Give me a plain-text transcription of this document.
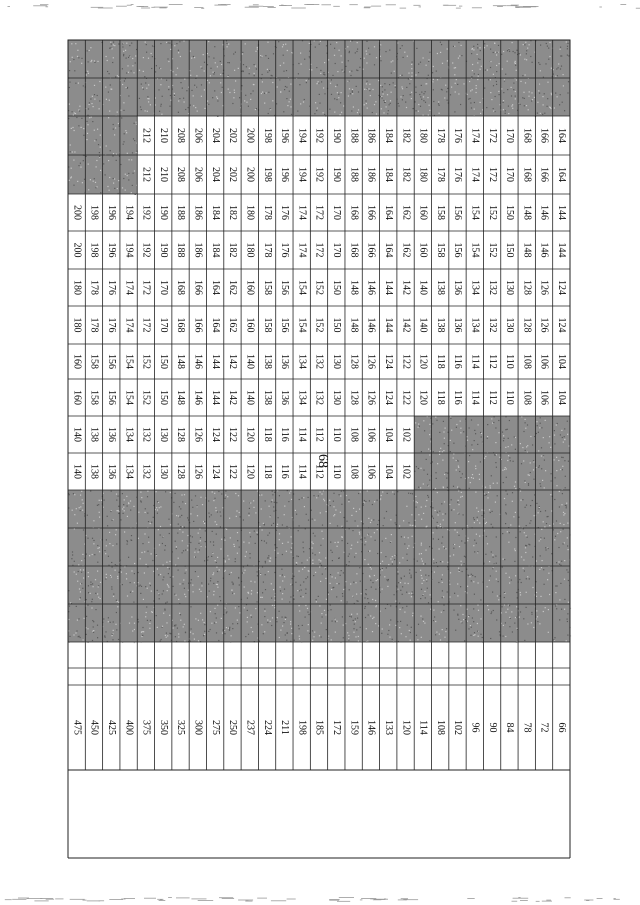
68
475 450 425 400 375 350 325 300 275 250 237 224 211 198 185 172 159 146 133 120 114 108 102 96 90 84 78 72 66
140 138 136 134 132 130 128 126 124 122 120 118 116 114 112 110 108 106 104 102
140 138 136 134 132 130 128 126 124 122 120 118 116 114 112 110 108 106 104 102
160 158 156 154 152 150 148 146 144 142 140 138 136 134 132 130 128 126 124 122 120 118 116 114 112 110 108 106 104
160 158 156 154 152 150 148 146 144 142 140 138 136 134 132 130 128 126 124 122 120 118 116 114 112 110 108 106 104
180 178 176 174 172 170 168 166 164 162 160 158 156 154 152 150 148 146 144 142 140 138 136 134 132 130 128 126 124
180 178 176 174 172 170 168 166 164 162 160 158 156 154 152 150 148 146 144 142 140 138 136 134 132 130 128 126 124
200 198 196 194 192 190 188 186 184 182 180 178 176 174 172 170 168 166 164 162 160 158 156 154 152 150 148 146 144
200 198 196 194 192 190 188 186 184 182 180 178 176 174 172 170 168 166 164 162 160 158 156 154 152 150 148 146 144
212 210 208 206 204 202 200 198 196 194 192 190 188 186 184 182 180 178 176 174 172 170 168 166 164
212 210 208 206 204 202 200 198 196 194 192 190 188 186 184 182 180 178 176 174 172 170 168 166 164
